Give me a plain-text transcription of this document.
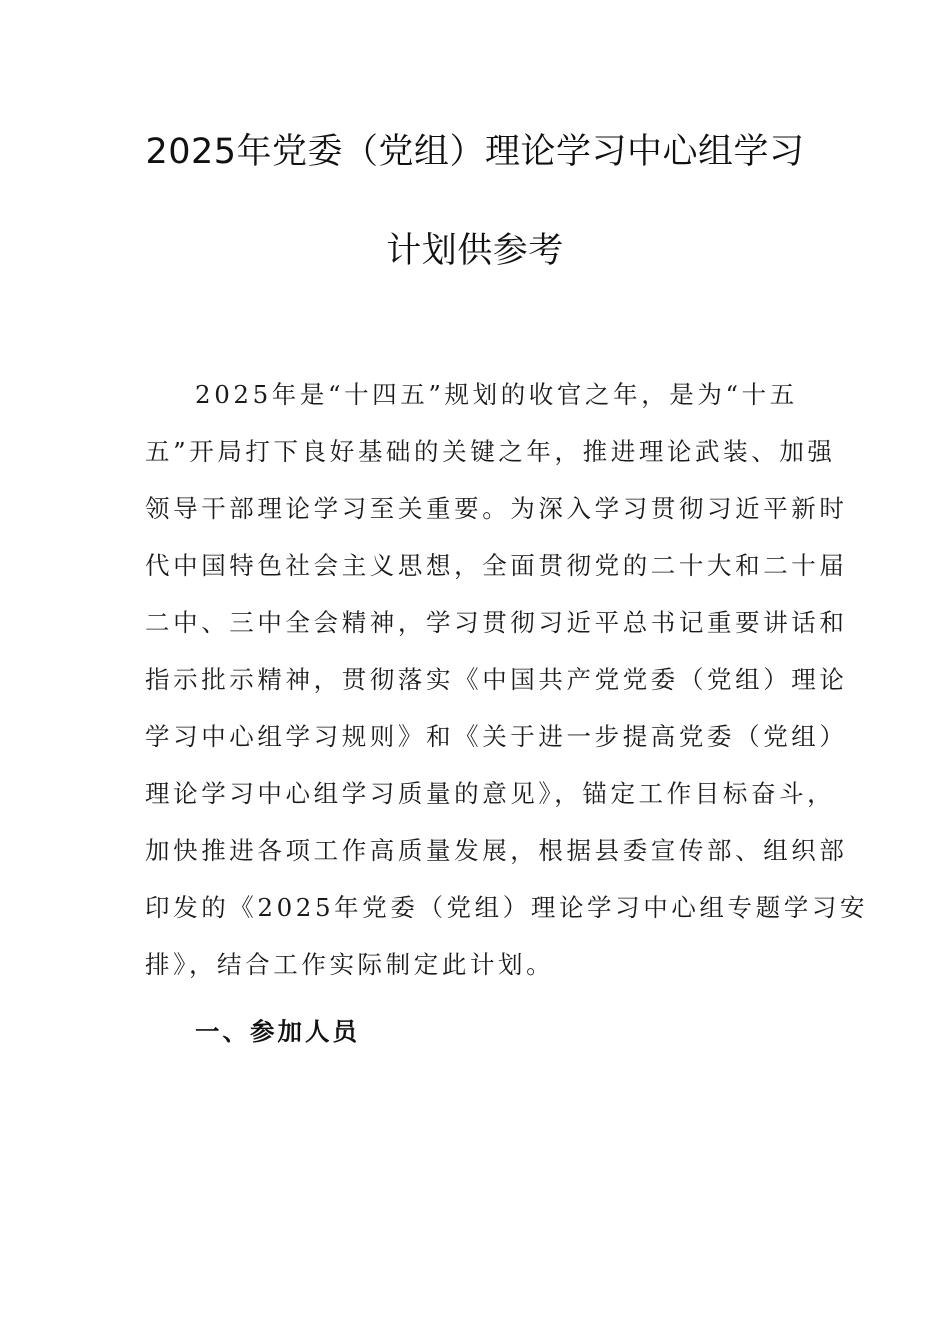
2025年党委（党组）理论学习中心组学习
计划供参考

2025年是“十四五”规划的收官之年，是为“十五

五”开局打下良好基础的关键之年，推进理论武装、加强

领导干部理论学习至关重要。为深入学习贯彻习近平新时

代中国特色社会主义思想，全面贯彻党的二十大和二十届

二中、三中全会精神，学习贯彻习近平总书记重要讲话和

指示批示精神，贯彻落实《中国共产党党委（党组）理论

学习中心组学习规则》和《关于进一步提高党委（党组）

理论学习中心组学习质量的意见》，锚定工作目标奋斗，

加快推进各项工作高质量发展，根据县委宣传部、组织部

印发的《2025年党委（党组）理论学习中心组专题学习安

排》，结合工作实际制定此计划。

一、参加人员
